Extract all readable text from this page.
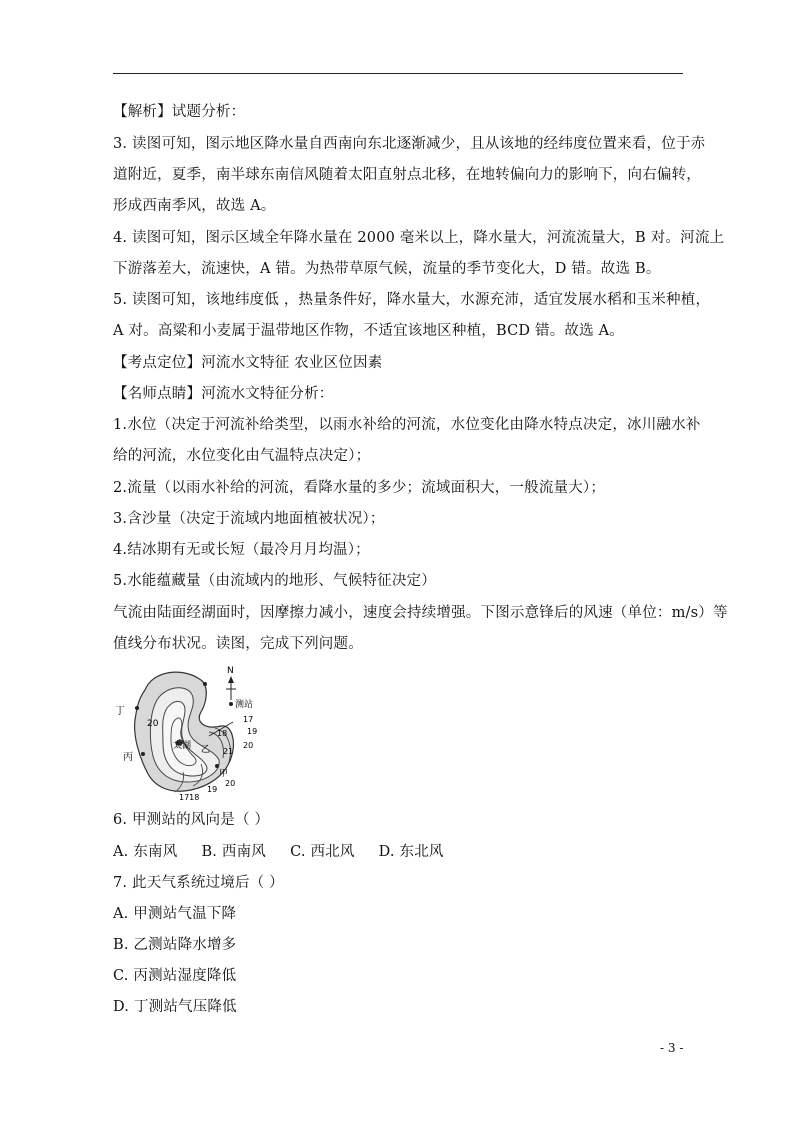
【解析】试题分析：
3. 读图可知，图示地区降水量自西南向东北逐渐减少，且从该地的经纬度位置来看，位于赤
道附近，夏季，南半球东南信风随着太阳直射点北移，在地转偏向力的影响下，向右偏转，
形成西南季风，故选 A。
4. 读图可知，图示区域全年降水量在 2000 毫米以上，降水量大，河流流量大，B 对。河流上
下游落差大，流速快，A 错。为热带草原气候，流量的季节变化大，D 错。故选 B。
5. 读图可知，该地纬度低 ，热量条件好，降水量大，水源充沛，适宜发展水稻和玉米种植，
A 对。高粱和小麦属于温带地区作物，不适宜该地区种植，BCD 错。故选 A。
【考点定位】河流水文特征 农业区位因素
【名师点睛】河流水文特征分析：
1.水位（决定于河流补给类型，以雨水补给的河流，水位变化由降水特点决定，冰川融水补
给的河流，水位变化由气温特点决定）；
2.流量（以雨水补给的河流，看降水量的多少；流域面积大，一般流量大）；
3.含沙量（决定于流域内地面植被状况）；
4.结冰期有无或长短（最冷月月均温）；
5.水能蕴藏量（由流域内的地形、气候特征决定）
气流由陆面经湖面时，因摩擦力减小，速度会持续增强。下图示意锋后的风速（单位：m/s）等
值线分布状况。读图，完成下列问题。
N
测站
丁
丙
甲
乙
太湖
20	17
19
18
20
21
20
19
1718
6. 甲测站的风向是（ ）
A. 东南风 B. 西南风 C. 西北风 D. 东北风
7. 此天气系统过境后（ ）
A. 甲测站气温下降
B. 乙测站降水增多
C. 丙测站湿度降低
D. 丁测站气压降低
- 3 -
